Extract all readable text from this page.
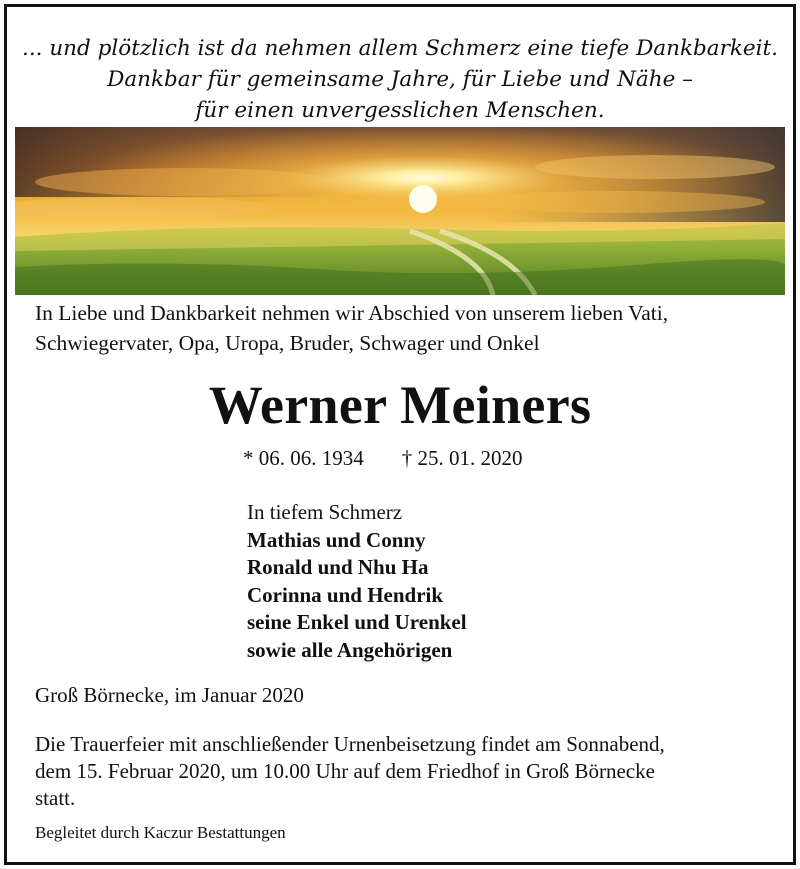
... und plötzlich ist da nehmen allem Schmerz eine tiefe Dankbarkeit.
Dankbar für gemeinsame Jahre, für Liebe und Nähe –
für einen unvergesslichen Menschen.
In Liebe und Dankbarkeit nehmen wir Abschied von unserem lieben Vati,
Schwiegervater, Opa, Uropa, Bruder, Schwager und Onkel
Werner Meiners
* 06. 06. 1934 † 25. 01. 2020
In tiefem Schmerz
Mathias und Conny
Ronald und Nhu Ha
Corinna und Hendrik
seine Enkel und Urenkel
sowie alle Angehörigen
Groß Börnecke, im Januar 2020
Die Trauerfeier mit anschließender Urnenbeisetzung findet am Sonnabend,
dem 15. Februar 2020, um 10.00 Uhr auf dem Friedhof in Groß Börnecke
statt.
Begleitet durch Kaczur Bestattungen
